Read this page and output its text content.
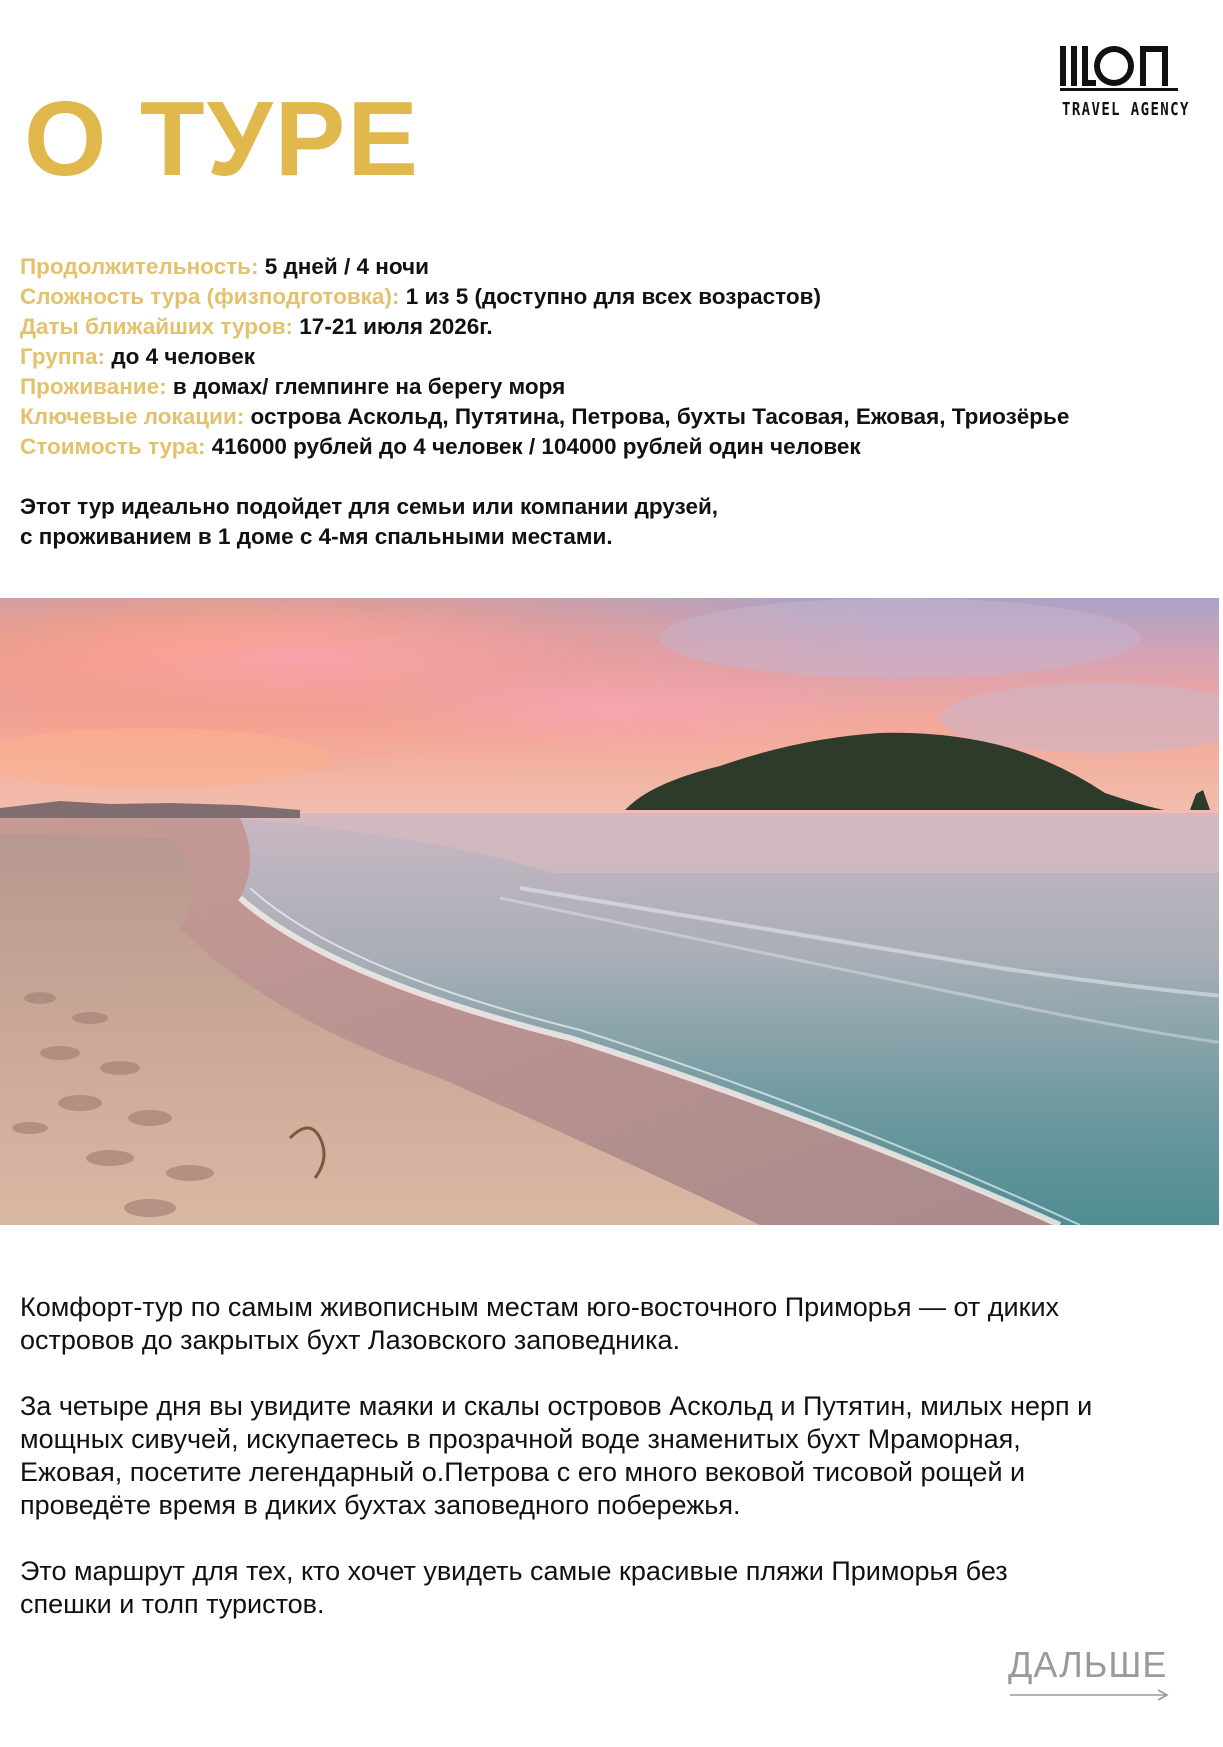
О ТУРЕ	TRAVEL AGENCY
Продолжительность: 5 дней / 4 ночи
Сложность тура (физподготовка): 1 из 5 (доступно для всех возрастов)
Даты ближайших туров: 17-21 июля 2026г.
Группа: до 4 человек
Проживание: в домах/ глемпинге на берегу моря
Ключевые локации: острова Аскольд, Путятина, Петрова, бухты Тасовая, Ежовая, Триозёрье
Стоимость тура: 416000 рублей до 4 человек / 104000 рублей один человек

Этот тур идеально подойдет для семьи или компании друзей,
с проживанием в 1 доме с 4-мя спальными местами.

Комфорт-тур по самым живописным местам юго-восточного Приморья — от диких
островов до закрытых бухт Лазовского заповедника.

За четыре дня вы увидите маяки и скалы островов Аскольд и Путятин, милых нерп и
мощных сивучей, искупаетесь в прозрачной воде знаменитых бухт Мраморная,
Ежовая, посетите легендарный о.Петрова с его много вековой тисовой рощей и
проведёте время в диких бухтах заповедного побережья.

Это маршрут для тех, кто хочет увидеть самые красивые пляжи Приморья без
спешки и толп туристов.

ДАЛЬШЕ
